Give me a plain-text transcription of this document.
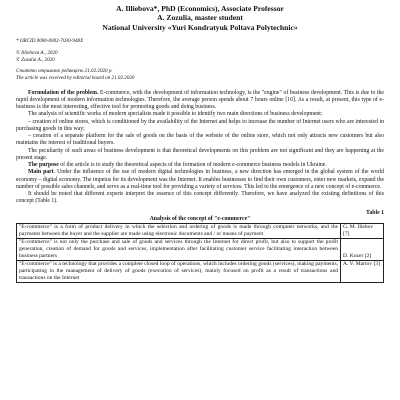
A. Illiebova*, PhD (Economics), Associate Professor
A. Zozulia, master student
National University «Yuri Kondratyuk Poltava Polytechnic»
* ORCID 0000-0002-7030-948X
© Illiebova A., 2020
© Zozulia A., 2020
Статтю отримано редакцією 21.02.2020 р.
The article was received by editorial board on 21.02.2020

Formulation of the problem. E-commerce, with the development of information technology, is the "engine" of business development. This is due to the rapid development of modern information technologies. Therefore, the average person spends about 7 hours online [10]. As a result, at present, this type of e-business is the most interesting, effective tool for promoting goods and doing business.

The analysis of scientific works of modern specialists made it possible to identify two main directions of business development:

– creation of online stores, which is conditioned by the availability of the Internet and helps to increase the number of Internet users who are interested in purchasing goods in this way;

– creation of a separate platform for the sale of goods on the basis of the website of the online store, which not only attracts new customers but also maintains the interest of traditional buyers.

The peculiarity of such areas of business development is that theoretical developments on this problem are not significant and they are happening at the present stage.

The purpose of the article is to study the theoretical aspects of the formation of modern e-commerce business models in Ukraine.

Main part. Under the influence of the use of modern digital technologies in business, a new direction has emerged in the global system of the world economy – digital economy. The impetus for its development was the Internet. It enables businesses to find their own customers, enter new markets, expand the number of possible sales channels, and serve as a real-time tool for providing a variety of services. This led to the emergence of a new concept of e-commerce.

It should be noted that different experts interpret the essence of this concept differently. Therefore, we have analyzed the existing definitions of this concept (Table 1).

Table 1
Analysis of the concept of "e-commerce"
"E-commerce" is a form of product delivery in which the selection and ordering of goods is made through computer networks, and the payments between the buyer and the supplier are made using electronic documents and / or means of payment	G. M. Iliebov [7]
"E-commerce" is not only the purchase and sale of goods and services through the Internet for direct profit, but also to support the profit generation, creation of demand for goods and services, implementation after facilitating customer service facilitating interaction between business partners	D. Kozer [2]
"E-commerce" is a technology that provides a complete closed loop of operations, which includes ordering goods (services), making payments, participating in the management of delivery of goods (execution of services), mainly focused on profit as a result of transactions and transactions on the Internet	A. V. Martov [3]
